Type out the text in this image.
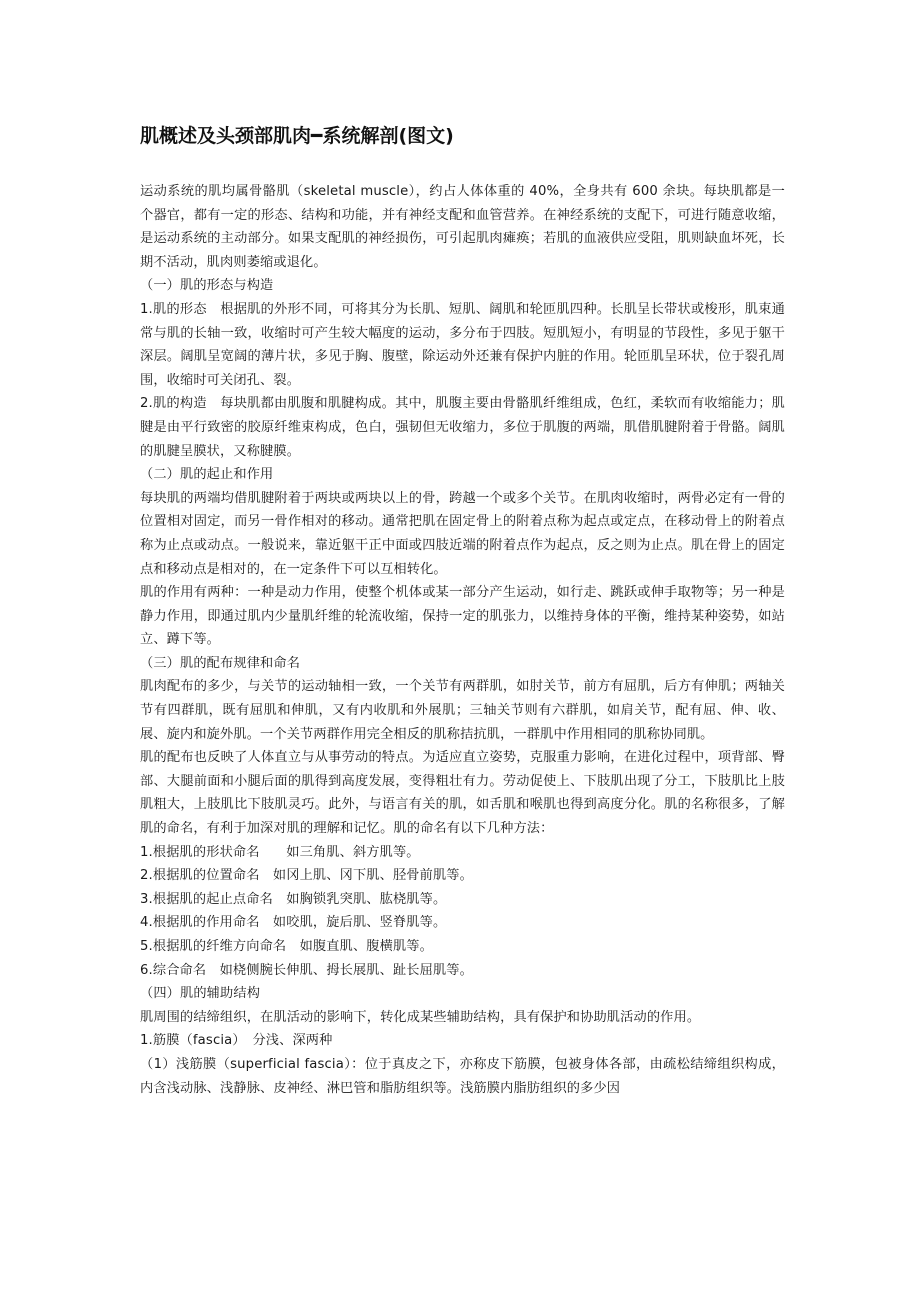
肌概述及头颈部肌肉━系统解剖(图文)

运动系统的肌均属骨骼肌（skeletal muscle），约占人体体重的 40%，全身共有 600 余块。每块肌都是一个器官，都有一定的形态、结构和功能，并有神经支配和血管营养。在神经系统的支配下，可进行随意收缩，是运动系统的主动部分。如果支配肌的神经损伤，可引起肌肉瘫痪；若肌的血液供应受阻，肌则缺血坏死，长期不活动，肌肉则萎缩或退化。

（一）肌的形态与构造

1.肌的形态　根据肌的外形不同，可将其分为长肌、短肌、阔肌和轮匝肌四种。长肌呈长带状或梭形，肌束通常与肌的长轴一致，收缩时可产生较大幅度的运动，多分布于四肢。短肌短小，有明显的节段性，多见于躯干深层。阔肌呈宽阔的薄片状，多见于胸、腹壁，除运动外还兼有保护内脏的作用。轮匝肌呈环状，位于裂孔周围，收缩时可关闭孔、裂。

2.肌的构造　每块肌都由肌腹和肌腱构成。其中，肌腹主要由骨骼肌纤维组成，色红，柔软而有收缩能力；肌腱是由平行致密的胶原纤维束构成，色白，强韧但无收缩力，多位于肌腹的两端，肌借肌腱附着于骨骼。阔肌的肌腱呈膜状，又称腱膜。

（二）肌的起止和作用

每块肌的两端均借肌腱附着于两块或两块以上的骨，跨越一个或多个关节。在肌肉收缩时，两骨必定有一骨的位置相对固定，而另一骨作相对的移动。通常把肌在固定骨上的附着点称为起点或定点，在移动骨上的附着点称为止点或动点。一般说来，靠近躯干正中面或四肢近端的附着点作为起点，反之则为止点。肌在骨上的固定点和移动点是相对的，在一定条件下可以互相转化。

肌的作用有两种：一种是动力作用，使整个机体或某一部分产生运动，如行走、跳跃或伸手取物等；另一种是静力作用，即通过肌内少量肌纤维的轮流收缩，保持一定的肌张力，以维持身体的平衡，维持某种姿势，如站立、蹲下等。

（三）肌的配布规律和命名

肌肉配布的多少，与关节的运动轴相一致，一个关节有两群肌，如肘关节，前方有屈肌，后方有伸肌；两轴关节有四群肌，既有屈肌和伸肌，又有内收肌和外展肌；三轴关节则有六群肌，如肩关节，配有屈、伸、收、展、旋内和旋外肌。一个关节两群作用完全相反的肌称拮抗肌，一群肌中作用相同的肌称协同肌。

肌的配布也反映了人体直立与从事劳动的特点。为适应直立姿势，克服重力影响，在进化过程中，项背部、臀部、大腿前面和小腿后面的肌得到高度发展，变得粗壮有力。劳动促使上、下肢肌出现了分工，下肢肌比上肢肌粗大，上肢肌比下肢肌灵巧。此外，与语言有关的肌，如舌肌和喉肌也得到高度分化。肌的名称很多，了解肌的命名，有利于加深对肌的理解和记忆。肌的命名有以下几种方法：

1.根据肌的形状命名　　如三角肌、斜方肌等。

2.根据肌的位置命名　如冈上肌、冈下肌、胫骨前肌等。

3.根据肌的起止点命名　如胸锁乳突肌、肱桡肌等。

4.根据肌的作用命名　如咬肌，旋后肌、竖脊肌等。

5.根据肌的纤维方向命名　如腹直肌、腹横肌等。

6.综合命名　如桡侧腕长伸肌、拇长展肌、趾长屈肌等。

（四）肌的辅助结构

肌周围的结缔组织，在肌活动的影响下，转化成某些辅助结构，具有保护和协助肌活动的作用。

1.筋膜（fascia）　分浅、深两种

（1）浅筋膜（superficial fascia）：位于真皮之下，亦称皮下筋膜，包被身体各部，由疏松结缔组织构成，内含浅动脉、浅静脉、皮神经、淋巴管和脂肪组织等。浅筋膜内脂肪组织的多少因
